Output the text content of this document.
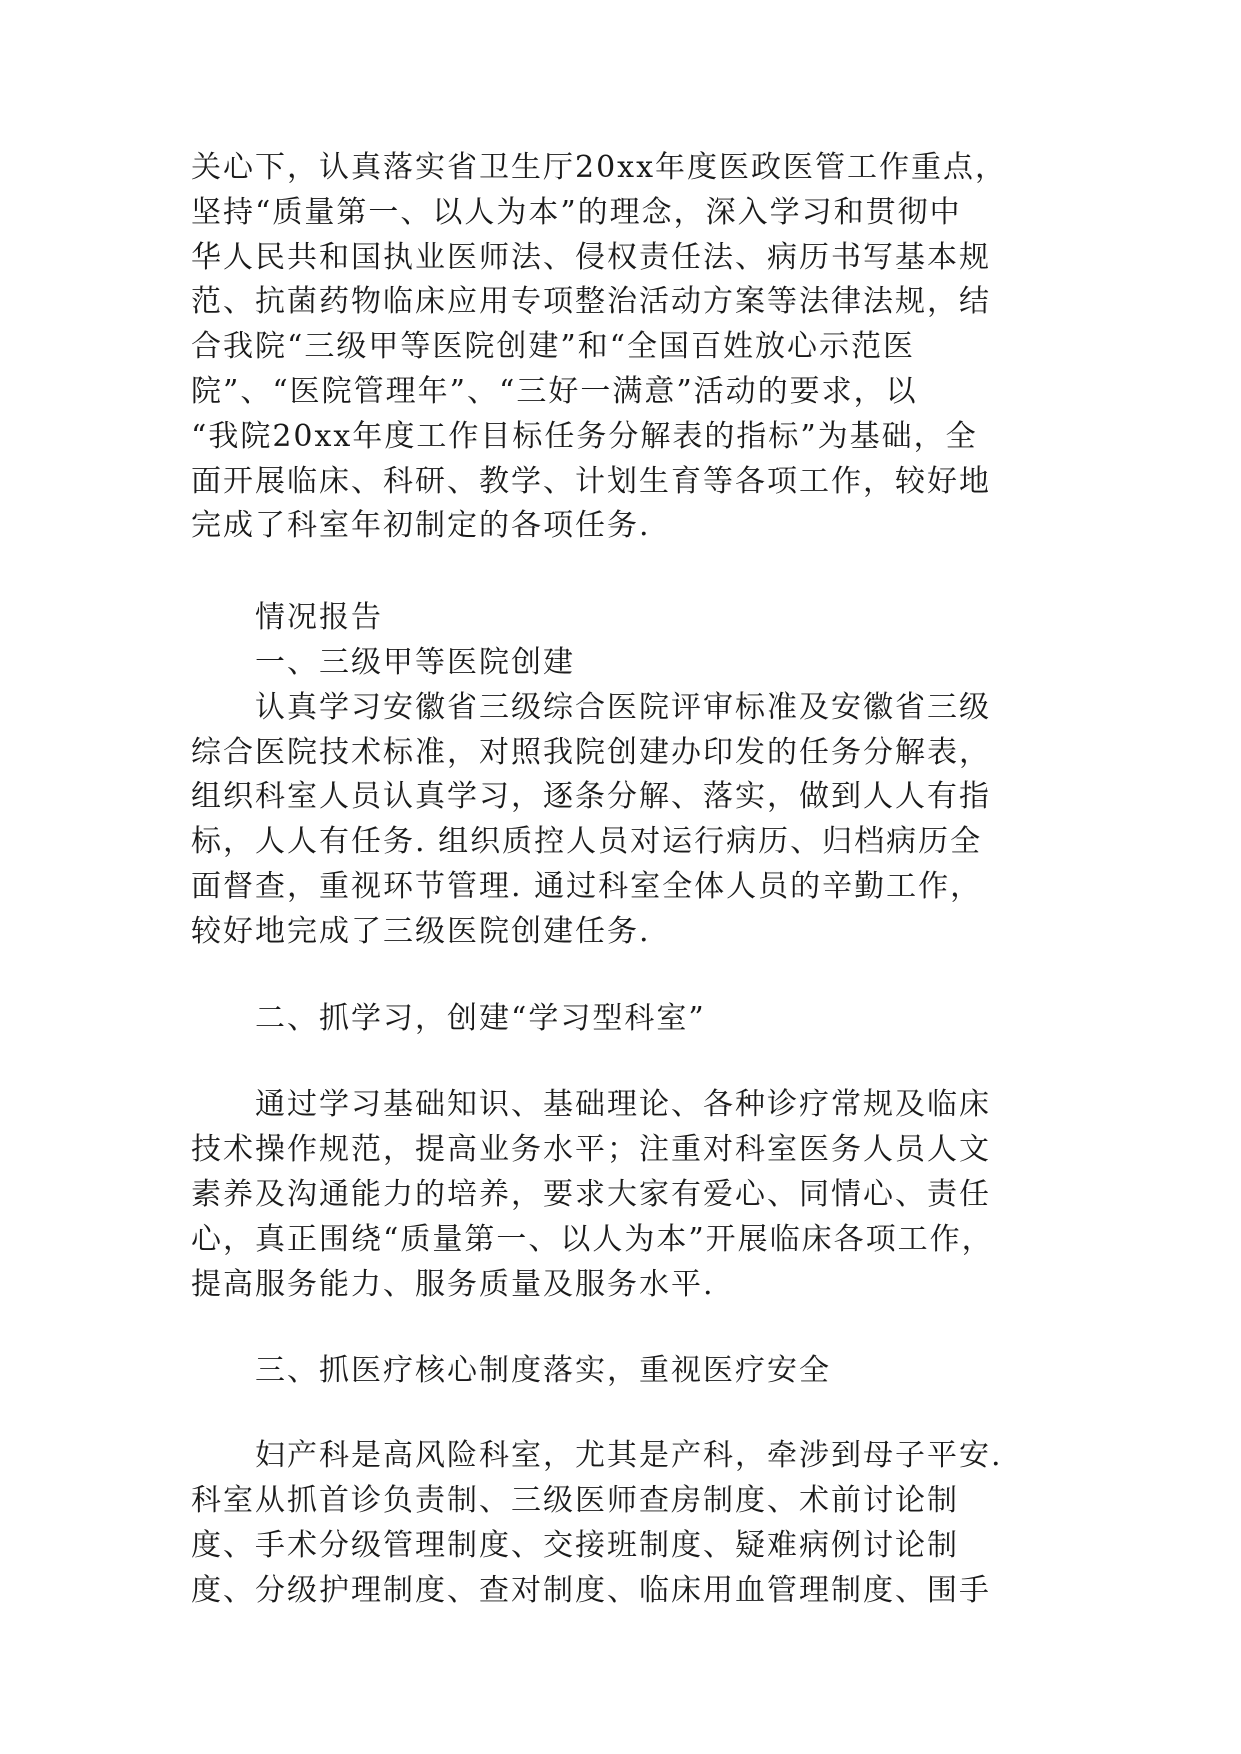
关心下，认真落实省卫生厅20xx年度医政医管工作重点，
坚持“质量第一、以人为本”的理念，深入学习和贯彻中
华人民共和国执业医师法、侵权责任法、病历书写基本规
范、抗菌药物临床应用专项整治活动方案等法律法规，结
合我院“三级甲等医院创建”和“全国百姓放心示范医
院”、“医院管理年”、“三好一满意”活动的要求，以
“我院20xx年度工作目标任务分解表的指标”为基础，全
面开展临床、科研、教学、计划生育等各项工作，较好地
完成了科室年初制定的各项任务.
情况报告
一、三级甲等医院创建
认真学习安徽省三级综合医院评审标准及安徽省三级
综合医院技术标准，对照我院创建办印发的任务分解表，
组织科室人员认真学习，逐条分解、落实，做到人人有指
标，人人有任务. 组织质控人员对运行病历、归档病历全
面督查，重视环节管理. 通过科室全体人员的辛勤工作，
较好地完成了三级医院创建任务.
二、抓学习，创建“学习型科室”
通过学习基础知识、基础理论、各种诊疗常规及临床
技术操作规范，提高业务水平；注重对科室医务人员人文
素养及沟通能力的培养，要求大家有爱心、同情心、责任
心，真正围绕“质量第一、以人为本”开展临床各项工作，
提高服务能力、服务质量及服务水平.
三、抓医疗核心制度落实，重视医疗安全
妇产科是高风险科室，尤其是产科，牵涉到母子平安.
科室从抓首诊负责制、三级医师查房制度、术前讨论制
度、手术分级管理制度、交接班制度、疑难病例讨论制
度、分级护理制度、查对制度、临床用血管理制度、围手
